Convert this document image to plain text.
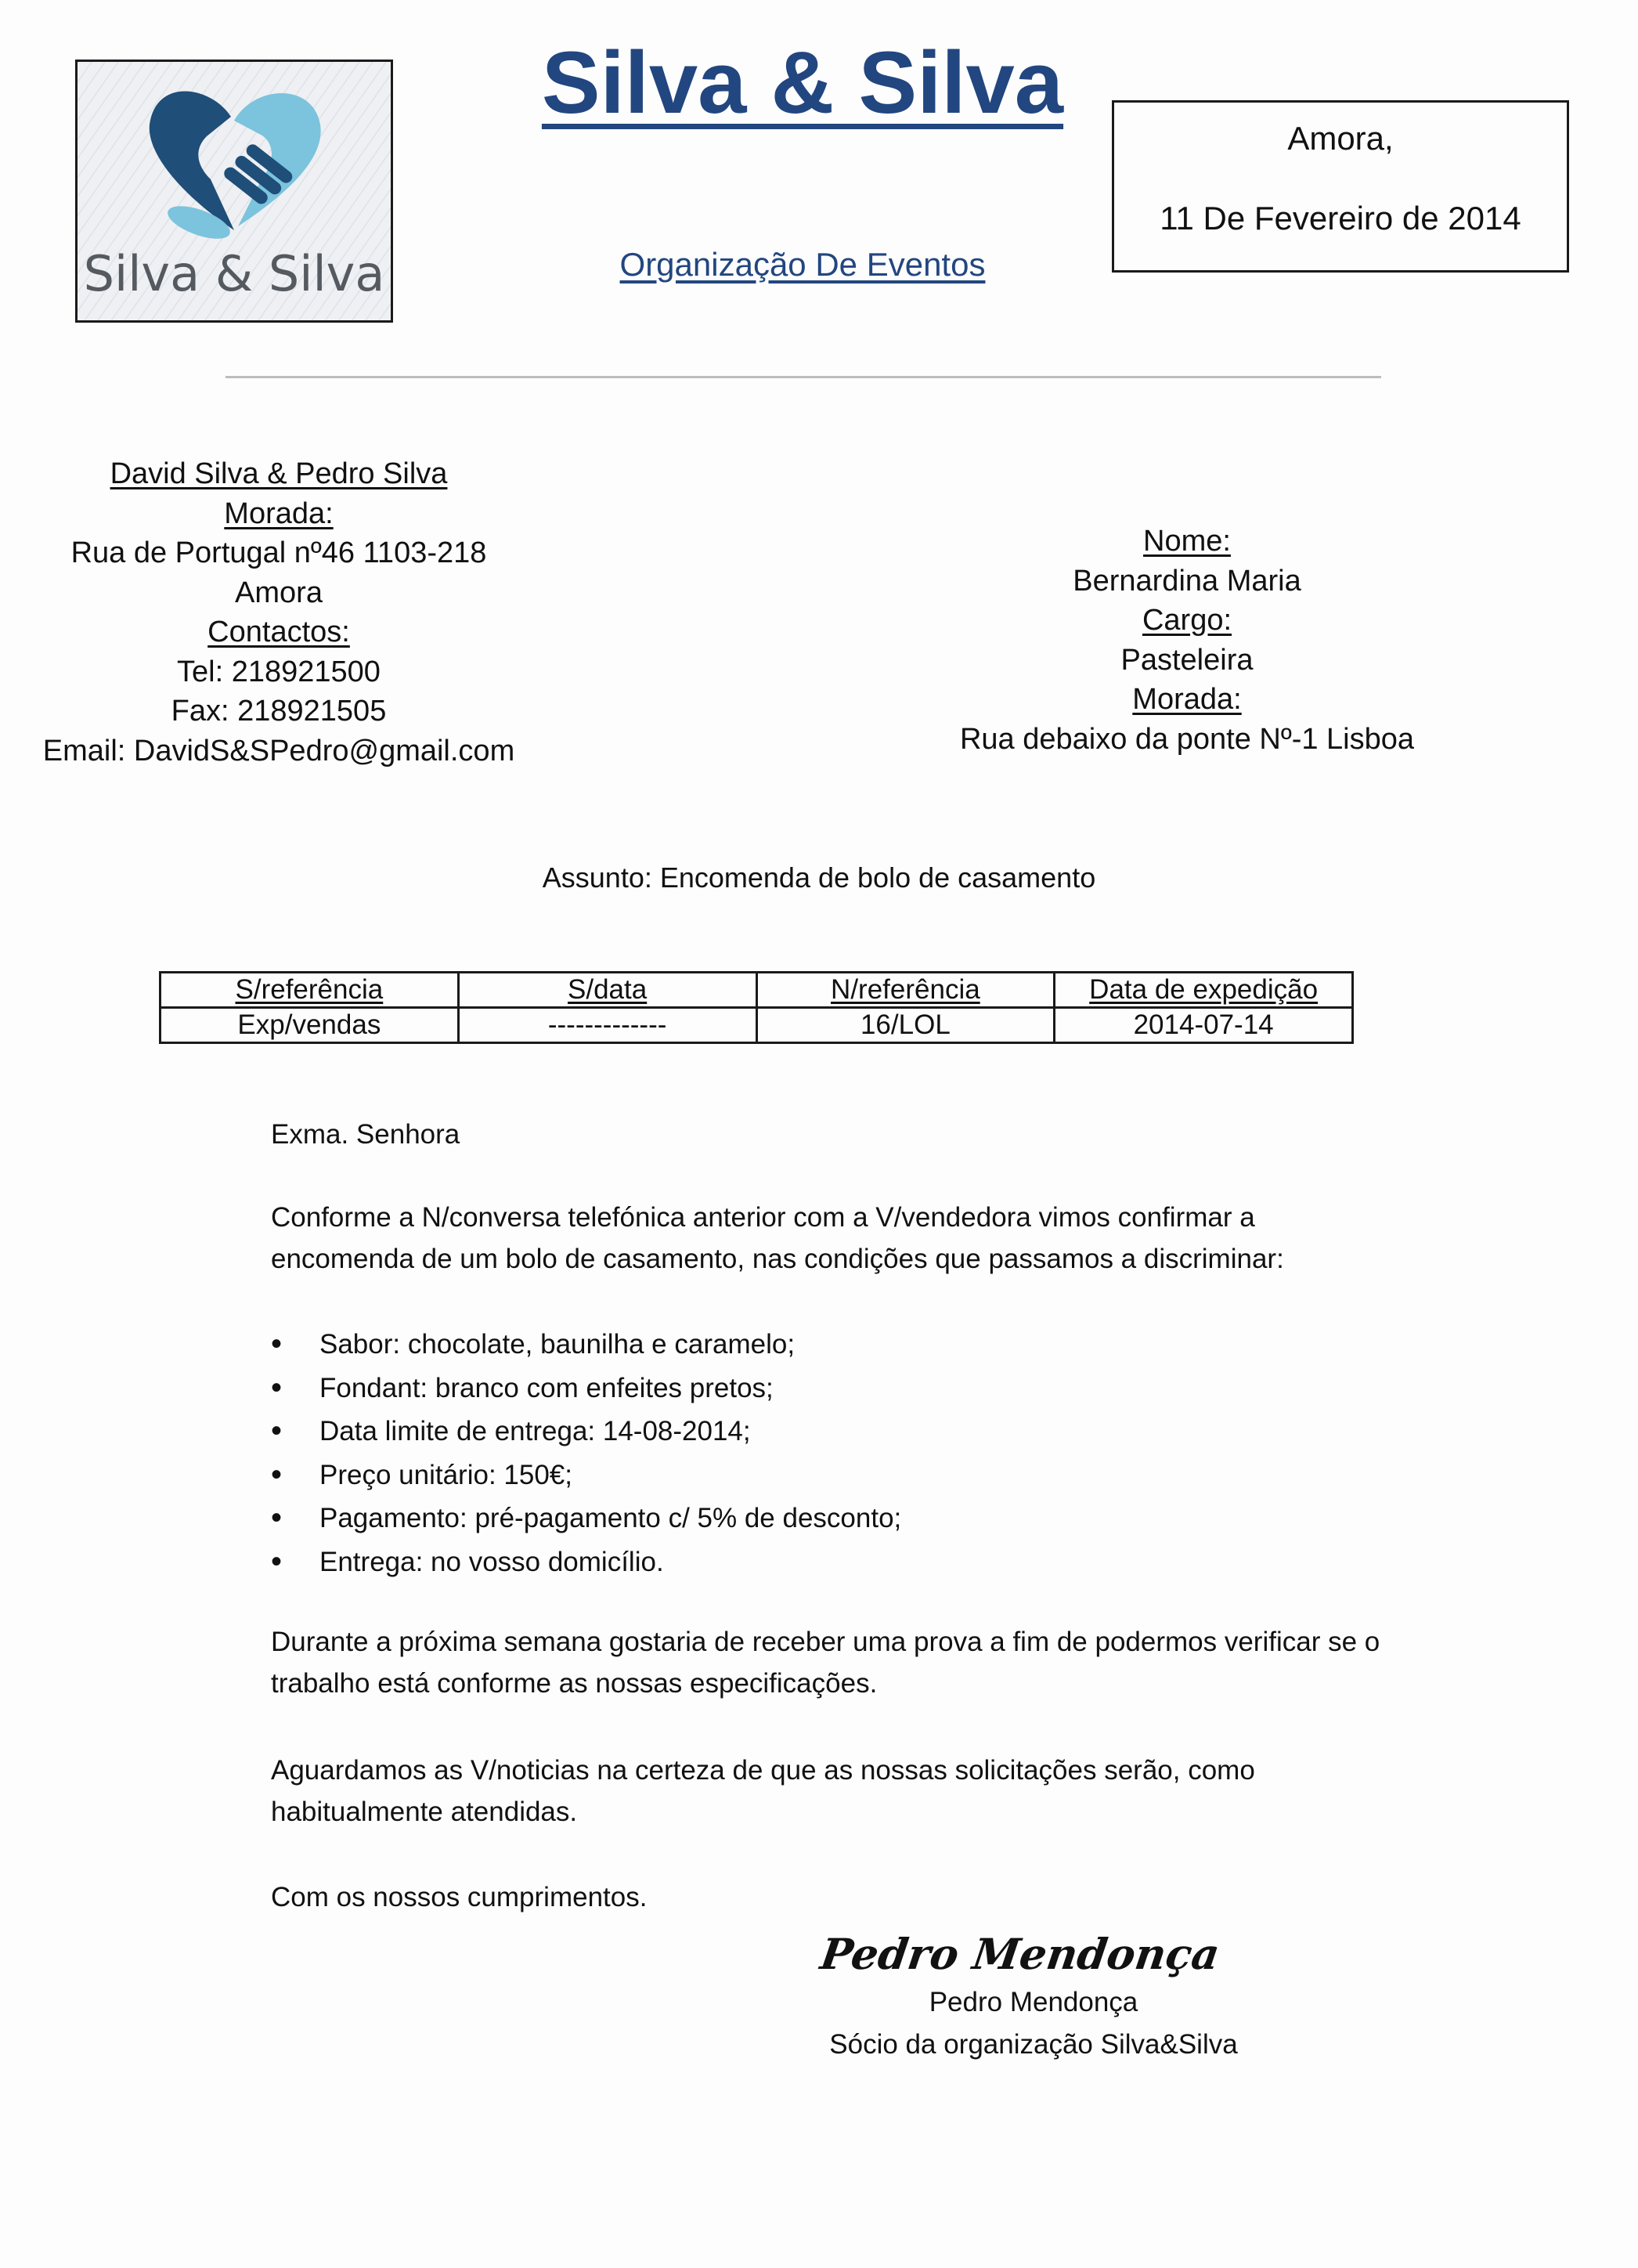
Silva & Silva
Silva & Silva
Organização De Eventos
Amora,
11 De Fevereiro de 2014
David Silva & Pedro Silva
Morada:
Rua de Portugal nº46 1103-218
Amora
Contactos:
Tel: 218921500
Fax: 218921505
Email: DavidS&SPedro@gmail.com
Nome:
Bernardina Maria
Cargo:
Pasteleira
Morada:
Rua debaixo da ponte Nº-1 Lisboa
Assunto: Encomenda de bolo de casamento
S/referência	S/data	N/referência	Data de expedição
Exp/vendas	-------------	16/LOL	2014-07-14
Exma. Senhora
Conforme a N/conversa telefónica anterior com a V/vendedora vimos confirmar a encomenda de um bolo de casamento, nas condições que passamos a discriminar:
• Sabor: chocolate, baunilha e caramelo;
• Fondant: branco com enfeites pretos;
• Data limite de entrega: 14-08-2014;
• Preço unitário: 150€;
• Pagamento: pré-pagamento c/ 5% de desconto;
• Entrega: no vosso domicílio.
Durante a próxima semana gostaria de receber uma prova a fim de podermos verificar se o trabalho está conforme as nossas especificações.
Aguardamos as V/noticias na certeza de que as nossas solicitações serão, como habitualmente atendidas.
Com os nossos cumprimentos.
Pedro Mendonça
Pedro Mendonça
Sócio da organização Silva&Silva
